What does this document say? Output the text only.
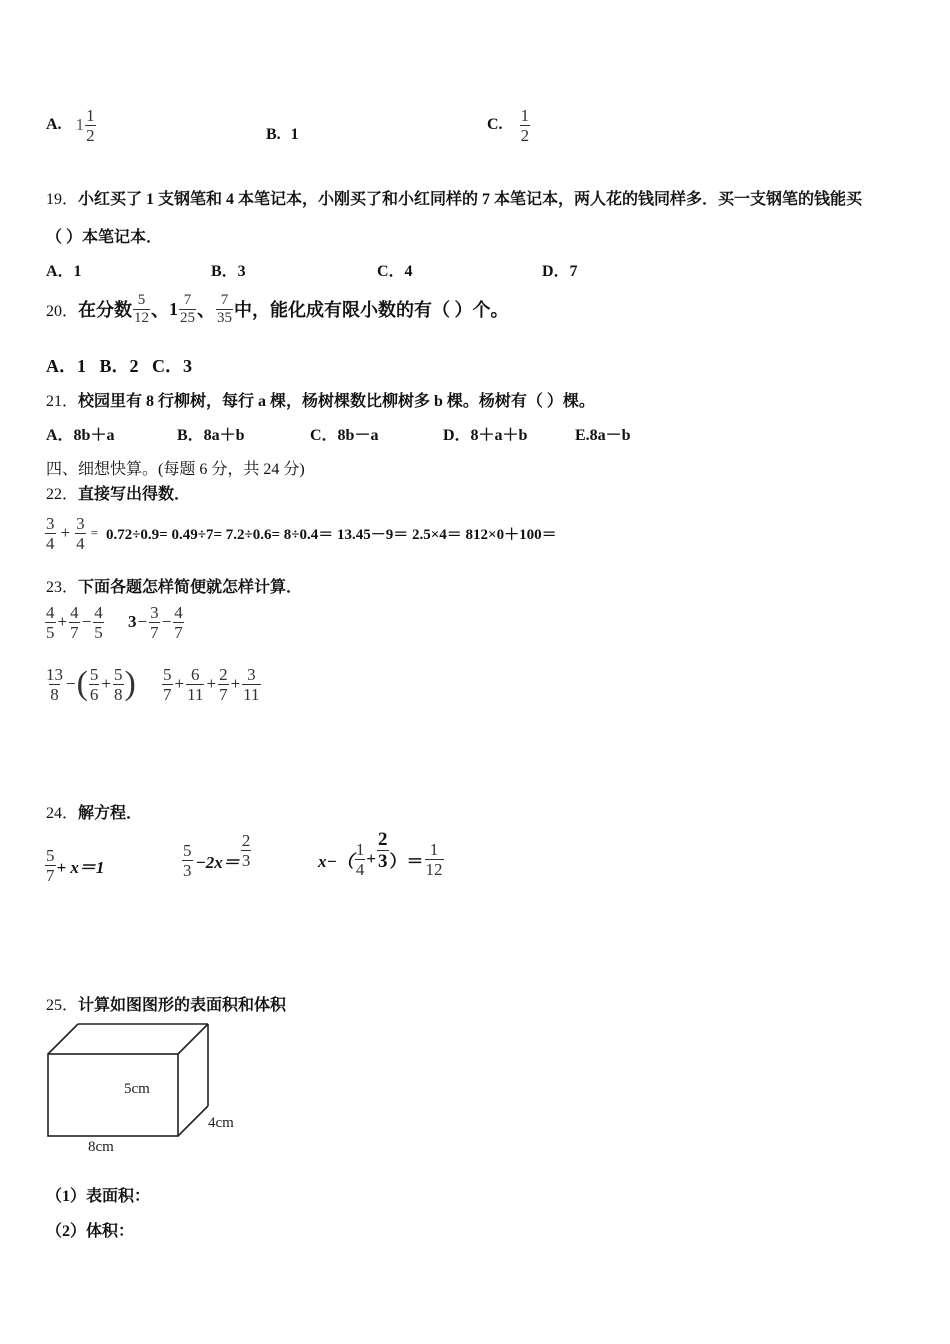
A. $1 \frac{1}{2}$	B. 1
C. $\frac{1}{2}$
19．小红买了 1 支钢笔和 4 本笔记本，小刚买了和小红同样的 7 本笔记本，两人花的钱同样多．买一支钢笔的钱能买
（ ）本笔记本．
A．1	B．3	C．4	D．7
20． 在分数 $\frac{5}{12}$ 、 $1 \frac{7}{25}$ 、 $\frac{7}{35}$ 中，能化成有限小数的有（ ）个。
A．1   B．2   C．3
21．校园里有 8 行柳树，每行 a 棵，杨树棵数比柳树多 b 棵。杨树有（ ）棵。
A．8b＋a	B．8a＋b	C．8b－a	D．8＋a＋b	E.8a－b
四、细想快算。(每题 6 分，共 24 分)
22．直接写出得数．
$\frac{3}{4} + \frac{3}{4} = 0.72\div 0.9= 0.49\div 7= 7.2\div 0.6= 8\div 0.4= 13.45-9= 2.5\times 4= 812\times 0+100=$
23．下面各题怎样简便就怎样计算．
$\frac{4}{5} + \frac{4}{7} - \frac{4}{5} 3 - \frac{3}{7} - \frac{4}{7}$
$\frac{13}{8}$ − ( $\frac{5}{6} + \frac{5}{8}$ ) $\frac{5}{7} + \frac{6}{11} + \frac{2}{7} + \frac{3}{11}$
24．解方程．
$\frac{5}{7} + x=1$	$\frac{5}{3} -2x= \frac{2}{3}$	$x-( \frac{1}{4} + \frac{2}{3}$ ）＝ $\frac{1}{12}$
25．计算如图图形的表面积和体积
5cm
4cm
8cm
（1）表面积：
（2）体积：
